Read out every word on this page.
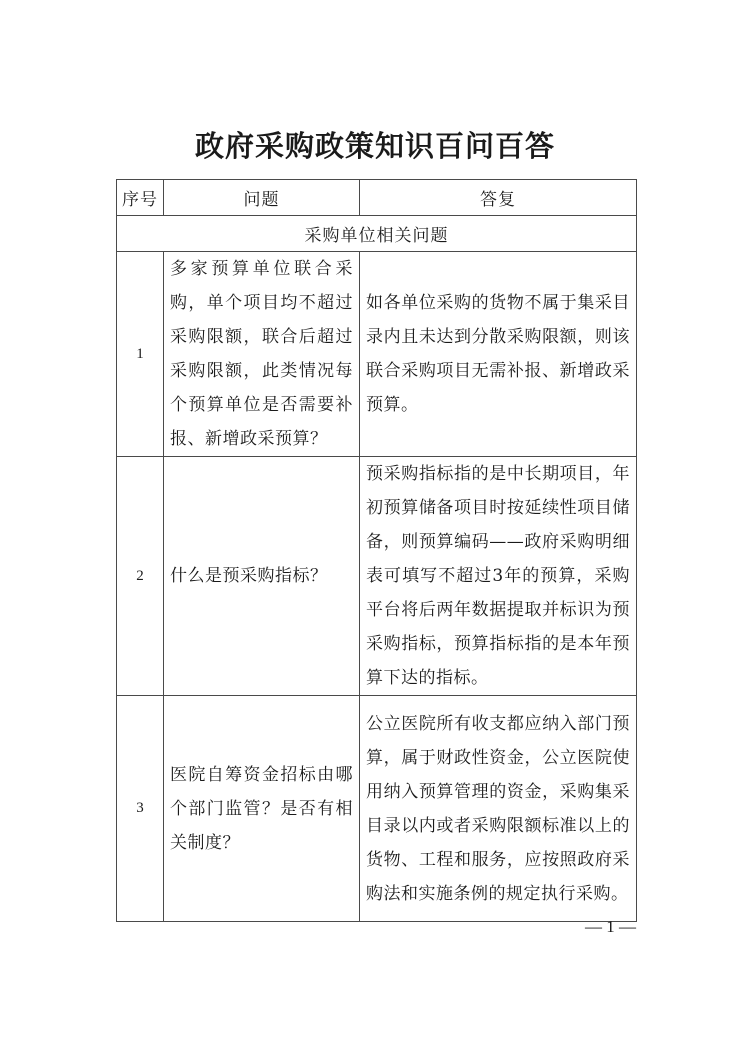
政府采购政策知识百问百答
序号	问题	答复
采购单位相关问题		
1	多家预算单位联合采购，单个项目均不超过采购限额，联合后超过采购限额，此类情况每个预算单位是否需要补报、新增政采预算？	如各单位采购的货物不属于集采目录内且未达到分散采购限额，则该联合采购项目无需补报、新增政采预算。
2	什么是预采购指标？	预采购指标指的是中长期项目，年初预算储备项目时按延续性项目储备，则预算编码——政府采购明细表可填写不超过3年的预算，采购平台将后两年数据提取并标识为预采购指标，预算指标指的是本年预算下达的指标。
3	医院自筹资金招标由哪个部门监管？是否有相关制度？	公立医院所有收支都应纳入部门预算，属于财政性资金，公立医院使用纳入预算管理的资金，采购集采目录以内或者采购限额标准以上的货物、工程和服务，应按照政府采购法和实施条例的规定执行采购。
— 1 —
